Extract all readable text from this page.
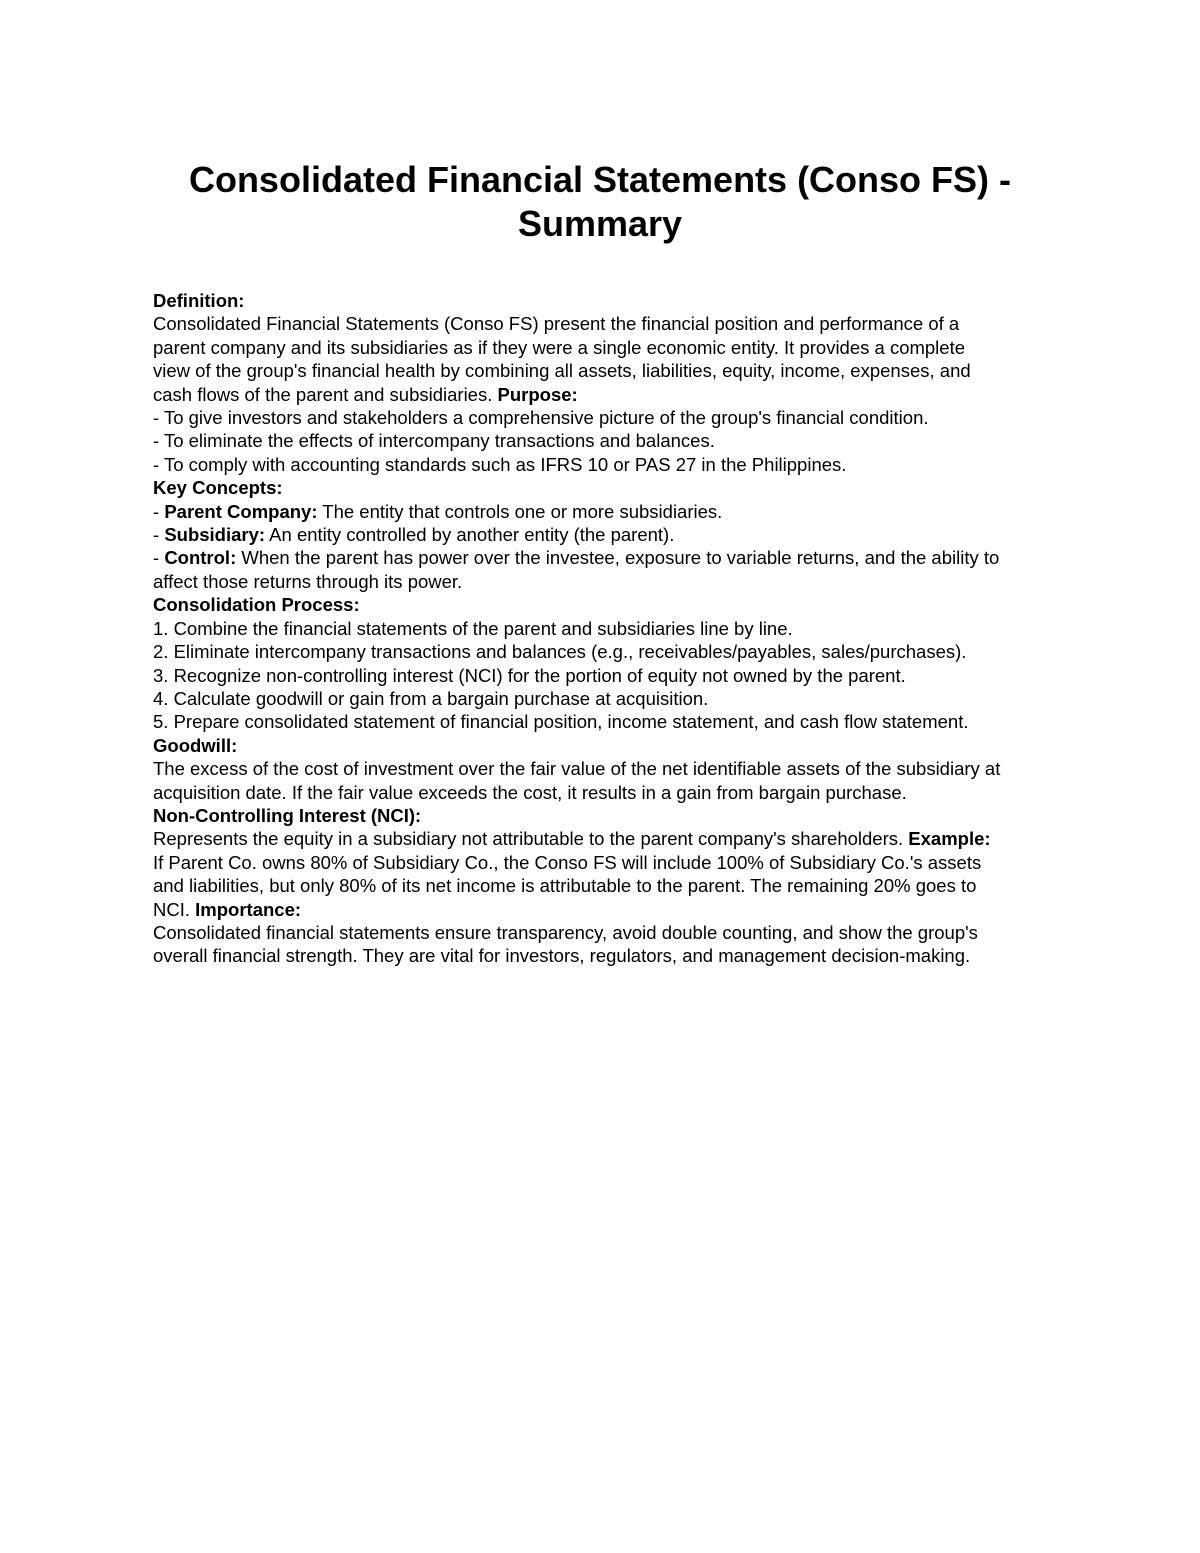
Consolidated Financial Statements (Conso FS) -
Summary
Definition:
Consolidated Financial Statements (Conso FS) present the financial position and performance of a
parent company and its subsidiaries as if they were a single economic entity. It provides a complete
view of the group's financial health by combining all assets, liabilities, equity, income, expenses, and
cash flows of the parent and subsidiaries. Purpose:
- To give investors and stakeholders a comprehensive picture of the group's financial condition.
- To eliminate the effects of intercompany transactions and balances.
- To comply with accounting standards such as IFRS 10 or PAS 27 in the Philippines.
Key Concepts:
- Parent Company: The entity that controls one or more subsidiaries.
- Subsidiary: An entity controlled by another entity (the parent).
- Control: When the parent has power over the investee, exposure to variable returns, and the ability to
affect those returns through its power.
Consolidation Process:
1. Combine the financial statements of the parent and subsidiaries line by line.
2. Eliminate intercompany transactions and balances (e.g., receivables/payables, sales/purchases).
3. Recognize non-controlling interest (NCI) for the portion of equity not owned by the parent.
4. Calculate goodwill or gain from a bargain purchase at acquisition.
5. Prepare consolidated statement of financial position, income statement, and cash flow statement.
Goodwill:
The excess of the cost of investment over the fair value of the net identifiable assets of the subsidiary at
acquisition date. If the fair value exceeds the cost, it results in a gain from bargain purchase.
Non-Controlling Interest (NCI):
Represents the equity in a subsidiary not attributable to the parent company's shareholders. Example:
If Parent Co. owns 80% of Subsidiary Co., the Conso FS will include 100% of Subsidiary Co.'s assets
and liabilities, but only 80% of its net income is attributable to the parent. The remaining 20% goes to
NCI. Importance:
Consolidated financial statements ensure transparency, avoid double counting, and show the group's
overall financial strength. They are vital for investors, regulators, and management decision-making.
